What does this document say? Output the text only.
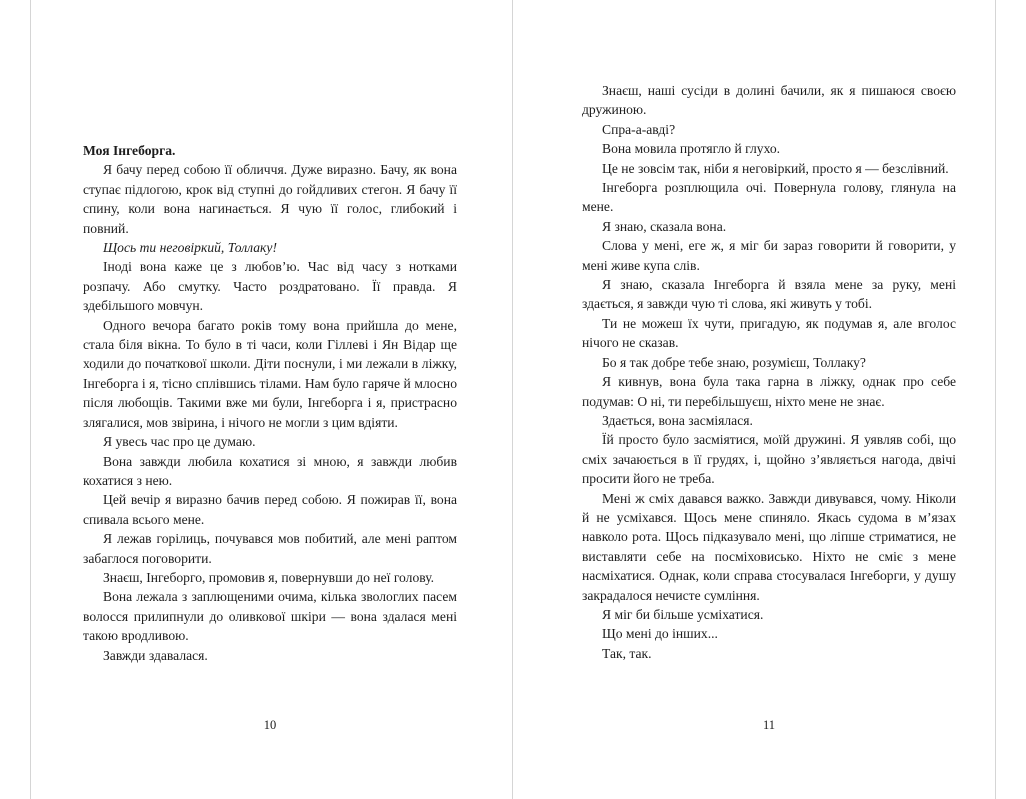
Моя Інгеборга.

Я бачу перед собою її обличчя. Дуже виразно. Бачу, як вона ступає підлогою, крок від ступні до гойдливих стегон. Я бачу її спину, коли вона нагинається. Я чую її голос, глибокий і повний.

Щось ти неговіркий, Толлаку!

Іноді вона каже це з любов’ю. Час від часу з нотками розпачу. Або смутку. Часто роздратовано. Її правда. Я здебільшого мовчун.

Одного вечора багато років тому вона прийшла до мене, стала біля вікна. То було в ті часи, коли Гіллеві і Ян Відар ще ходили до початкової школи. Діти поснули, і ми лежали в ліжку, Інгеборга і я, тісно сплівшись тілами. Нам було гаряче й млосно після любощів. Такими вже ми були, Інгеборга і я, пристрасно злягалися, мов звірина, і нічого не могли з цим вдіяти.

Я увесь час про це думаю.

Вона завжди любила кохатися зі мною, я завжди любив кохатися з нею.

Цей вечір я виразно бачив перед собою. Я пожирав її, вона спивала всього мене.

Я лежав горілиць, почувався мов побитий, але мені раптом забаглося поговорити.

Знаєш, Інгеборго, промовив я, повернувши до неї голову.

Вона лежала з заплющеними очима, кілька звологлих пасем волосся прилипнули до оливкової шкіри — вона здалася мені такою вродливою.

Завжди здавалася.

10

Знаєш, наші сусіди в долині бачили, як я пишаюся своєю дружиною.

Спра-а-авді?

Вона мовила протягло й глухо.

Це не зовсім так, ніби я неговіркий, просто я — безслівний.

Інгеборга розплющила очі. Повернула голову, глянула на мене.

Я знаю, сказала вона.

Слова у мені, еге ж, я міг би зараз говорити й говорити, у мені живе купа слів.

Я знаю, сказала Інгеборга й взяла мене за руку, мені здається, я завжди чую ті слова, які живуть у тобі.

Ти не можеш їх чути, пригадую, як подумав я, але вголос нічого не сказав.

Бо я так добре тебе знаю, розумієш, Толлаку?

Я кивнув, вона була така гарна в ліжку, однак про себе подумав: О ні, ти перебільшуєш, ніхто мене не знає.

Здається, вона засміялася.

Їй просто було засміятися, моїй дружині. Я уявляв собі, що сміх зачаюється в її грудях, і, щойно з’являється нагода, двічі просити його не треба.

Мені ж сміх давався важко. Завжди дивувався, чому. Ніколи й не усміхався. Щось мене спиняло. Якась судома в м’язах навколо рота. Щось підказувало мені, що ліпше стриматися, не виставляти себе на посміховисько. Ніхто не сміє з мене насміхатися. Однак, коли справа стосувалася Інгеборги, у душу закрадалося нечисте сумління.

Я міг би більше усміхатися.

Що мені до інших...

Так, так.

11
